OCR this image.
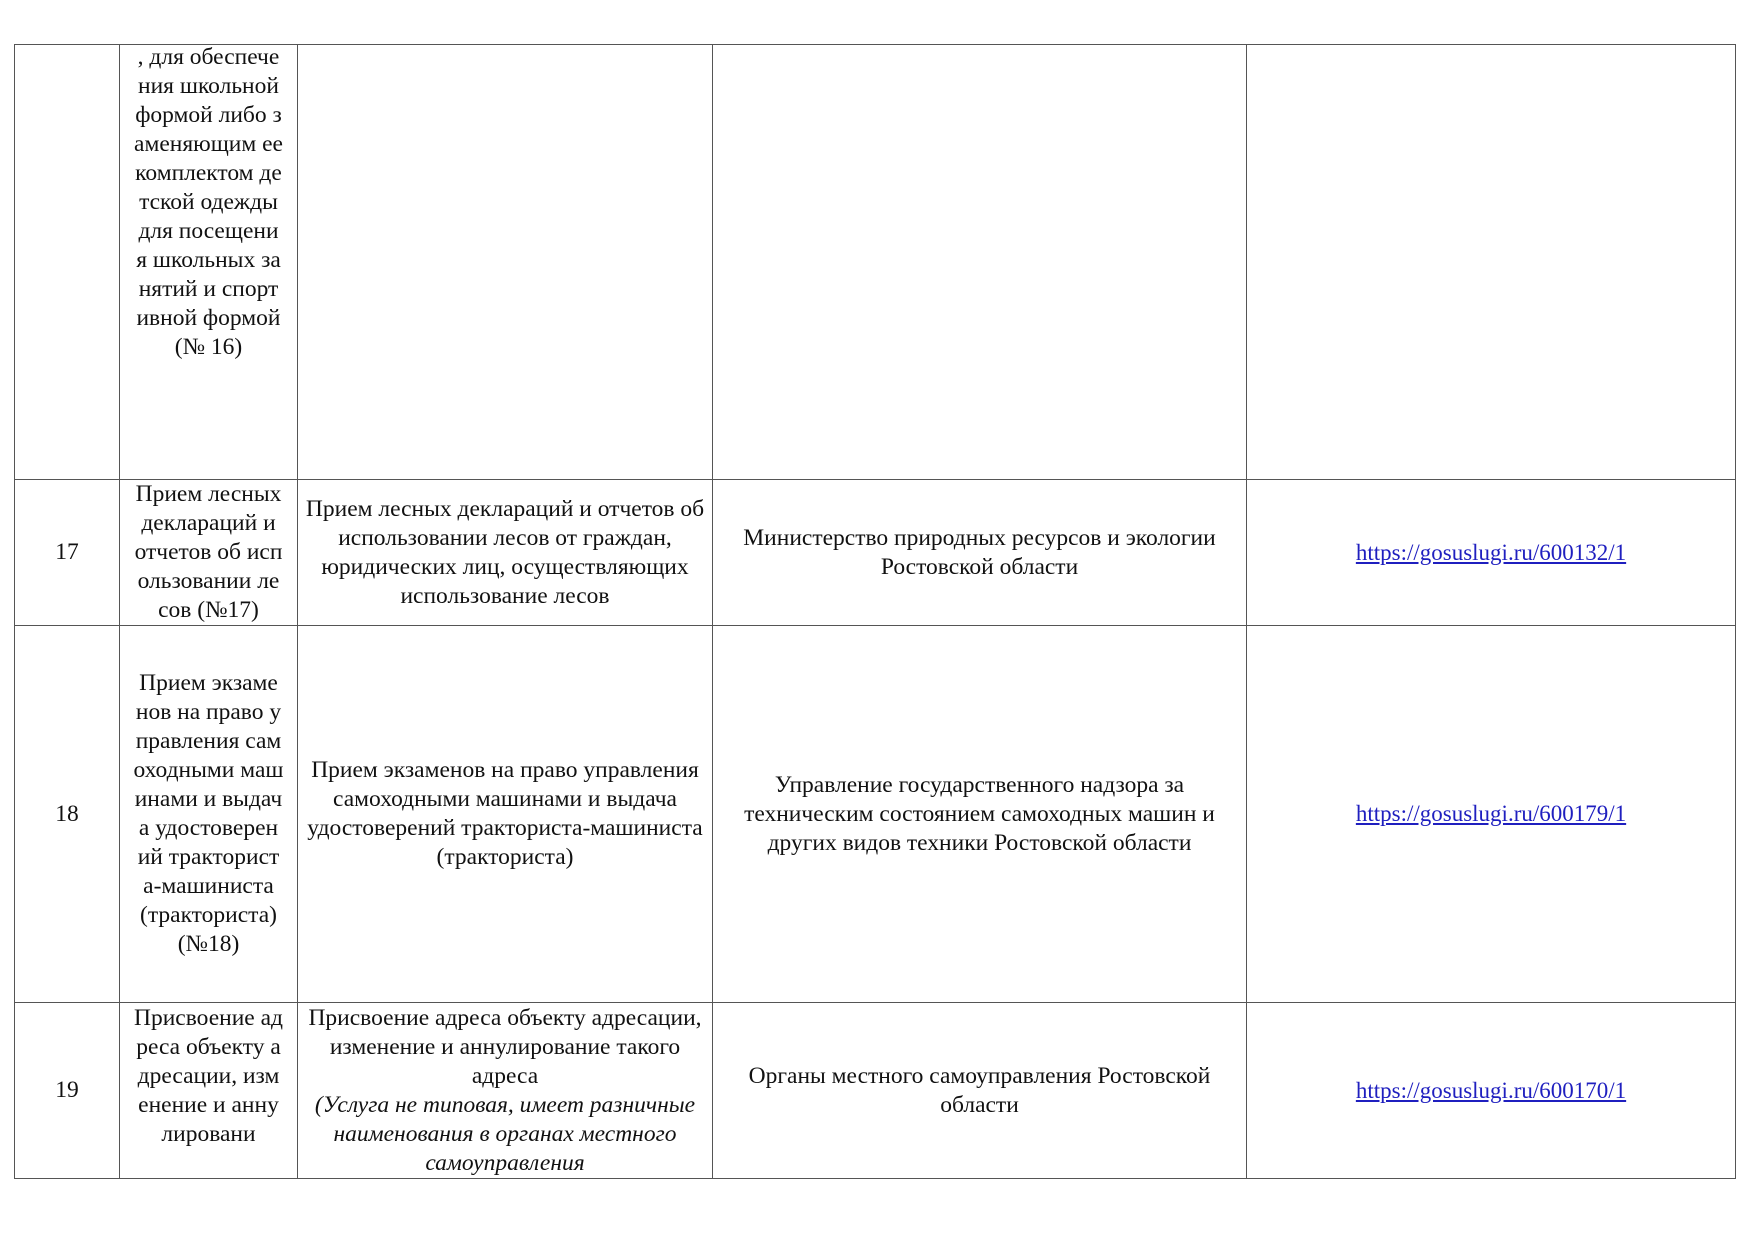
	, для обеспечения школьной формой либо заменяющим ее комплектом детской одежды для посещения школьных занятий и спортивной формой (№ 16)			

17	Прием лесных деклараций и отчетов об использовании лесов (№17)	Прием лесных деклараций и отчетов об использовании лесов от граждан, юридических лиц, осуществляющих использование лесов	Министерство природных ресурсов и экологии Ростовской области	https://gosuslugi.ru/600132/1
18	Прием экзаменов на право управления самоходными машинами и выдача удостоверений тракториста-машиниста (тракториста) (№18)	Прием экзаменов на право управления самоходными машинами и выдача удостоверений тракториста-машиниста (тракториста)	Управление государственного надзора за техническим состоянием самоходных машин и других видов техники Ростовской области	https://gosuslugi.ru/600179/1
19	Присвоение адреса объекту адресации, изменение и аннулировани	Присвоение адреса объекту адресации, изменение и аннулирование такого адреса
(Услуга не типовая, имеет разничные наименования в органах местного самоуправления	Органы местного самоуправления Ростовской области	https://gosuslugi.ru/600170/1
